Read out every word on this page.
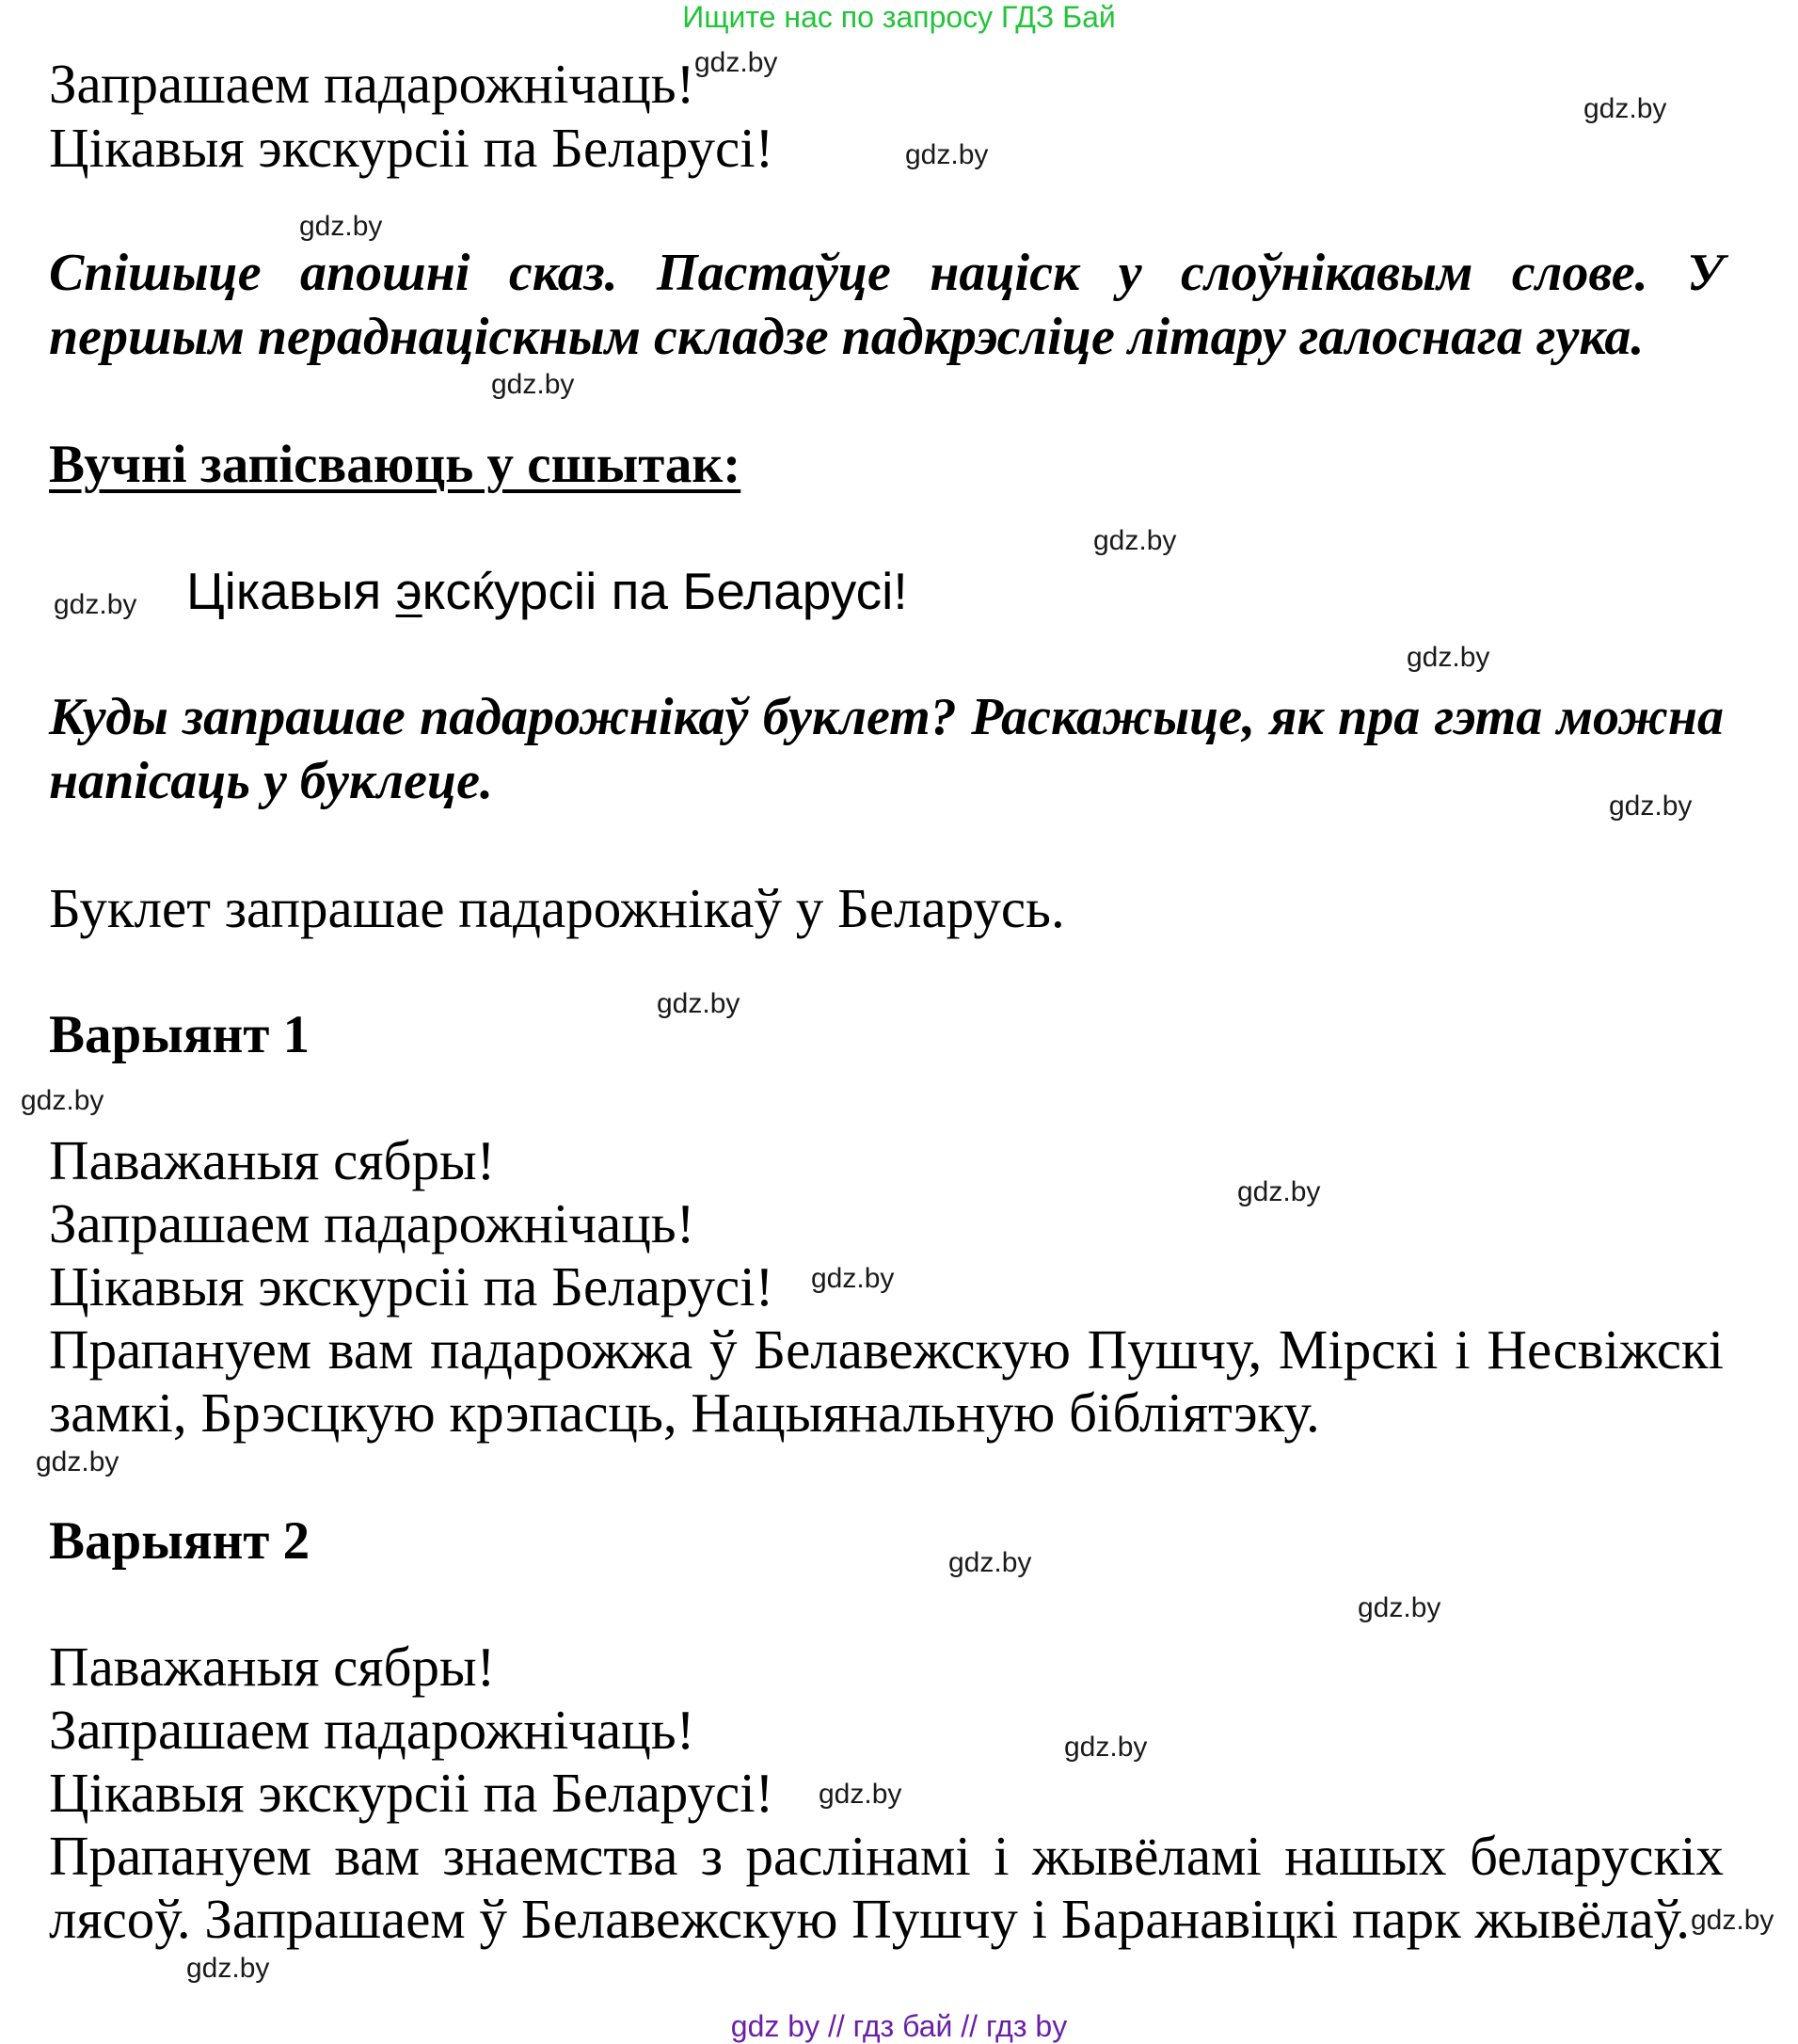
Ищите нас по запросу ГДЗ Бай
Запрашаем падарожнічаць!
Цікавыя экскурсіі па Беларусі!
Спішыце апошні сказ. Пастаўце націск у слоўнікавым слове. У першым пераднаціскным складзе падкрэсліце літару галоснага гука.
Вучні запісваюць у сшытак:
Цікавыя эксќурсіі па Беларусі!
Куды запрашае падарожнікаў буклет? Раскажыце, як пра гэта можна напісаць у буклеце.
Буклет запрашае падарожнікаў у Беларусь.
Варыянт 1
Паважаныя сябры!
Запрашаем падарожнічаць!
Цікавыя экскурсіі па Беларусі!
Прапануем вам падарожжа ў Белавежскую Пушчу, Мірскі і Несвіжскі замкі, Брэсцкую крэпасць, Нацыянальную бібліятэку.
Варыянт 2
Паважаныя сябры!
Запрашаем падарожнічаць!
Цікавыя экскурсіі па Беларусі!
Прапануем вам знаемства з раслінамі і жывёламі нашых беларускіх лясоў. Запрашаем ў Белавежскую Пушчу і Баранавіцкі парк жывёлаў.
gdz.by
gdz.by
gdz.by
gdz.by
gdz.by
gdz.by
gdz.by
gdz.by
gdz.by
gdz.by
gdz.by
gdz.by
gdz.by
gdz.by
gdz.by
gdz.by
gdz.by
gdz.by
gdz.by
gdz.by
gdz by // гдз бай // гдз by
